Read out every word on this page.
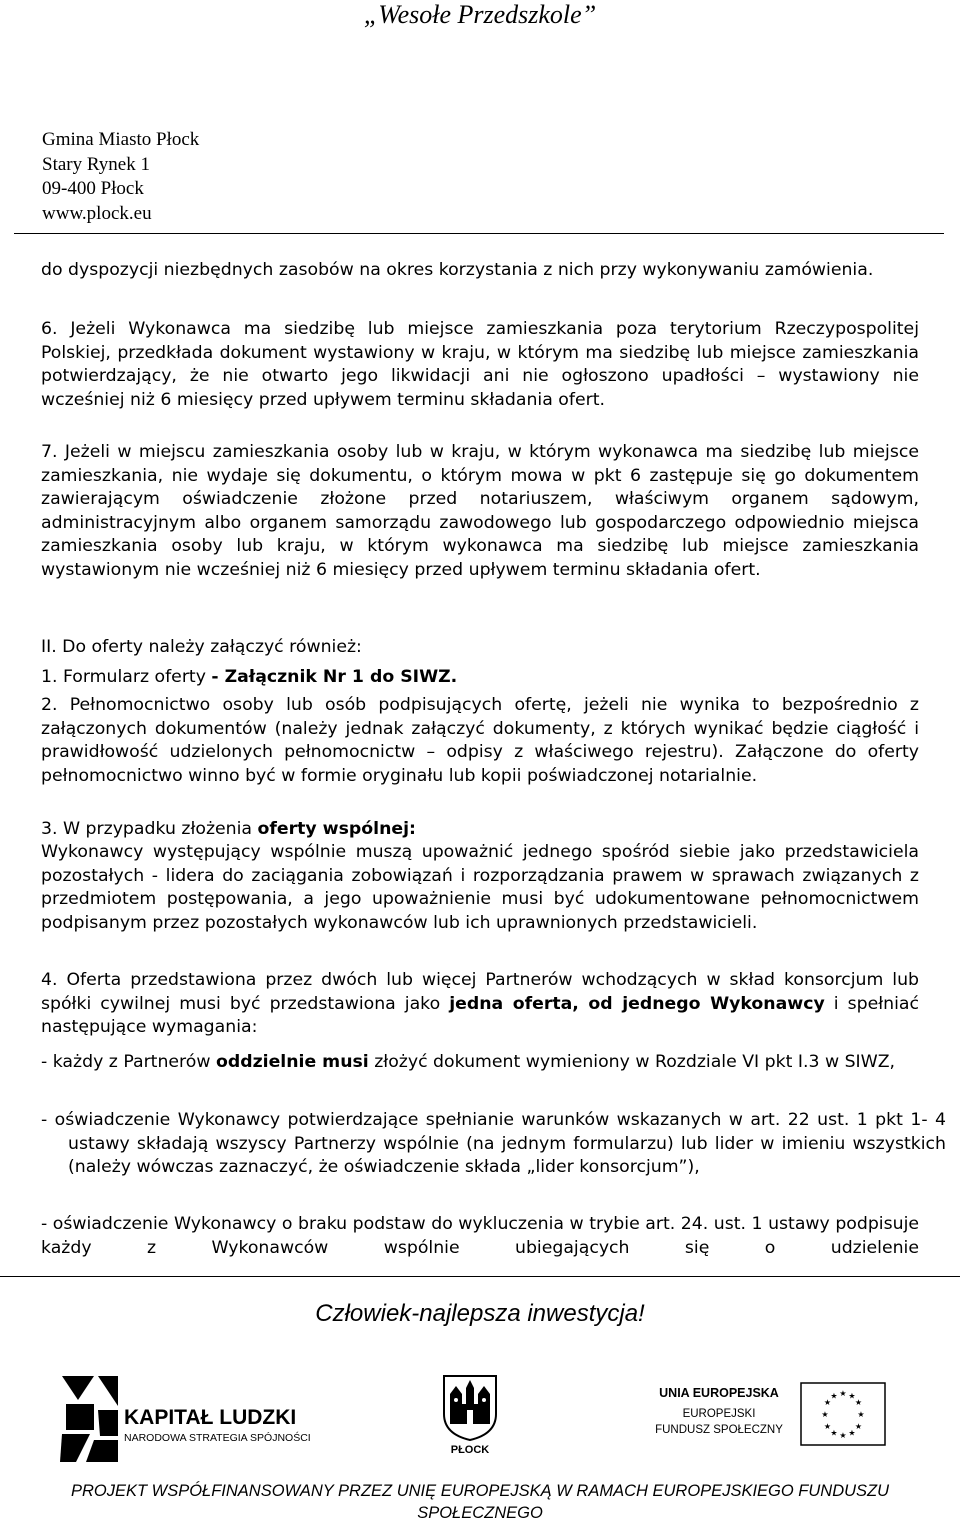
„Wesołe Przedszkole”
Gmina Miasto Płock
Stary Rynek 1
09-400 Płock
www.plock.eu
do dyspozycji niezbędnych zasobów na okres korzystania z nich przy wykonywaniu zamówienia.
6. Jeżeli Wykonawca ma siedzibę lub miejsce zamieszkania poza terytorium Rzeczypospolitej Polskiej, przedkłada dokument wystawiony w kraju, w którym ma siedzibę lub miejsce zamieszkania potwierdzający, że nie otwarto jego likwidacji ani nie ogłoszono upadłości – wystawiony nie wcześniej niż 6 miesięcy przed upływem terminu składania ofert.
7. Jeżeli w miejscu zamieszkania osoby lub w kraju, w którym wykonawca ma siedzibę lub miejsce zamieszkania, nie wydaje się dokumentu, o którym mowa w pkt 6 zastępuje się go dokumentem zawierającym oświadczenie złożone przed notariuszem, właściwym organem sądowym, administracyjnym albo organem samorządu zawodowego lub gospodarczego odpowiednio miejsca zamieszkania osoby lub kraju, w którym wykonawca ma siedzibę lub miejsce zamieszkania wystawionym nie wcześniej niż 6 miesięcy przed upływem terminu składania ofert.
II. Do oferty należy załączyć również:
1. Formularz oferty - Załącznik Nr 1 do SIWZ.
2. Pełnomocnictwo osoby lub osób podpisujących ofertę, jeżeli nie wynika to bezpośrednio z załączonych dokumentów (należy jednak załączyć dokumenty, z których wynikać będzie ciągłość i prawidłowość udzielonych pełnomocnictw – odpisy z właściwego rejestru). Załączone do oferty pełnomocnictwo winno być w formie oryginału lub kopii poświadczonej notarialnie.
3. W przypadku złożenia oferty wspólnej:
Wykonawcy występujący wspólnie muszą upoważnić jednego spośród siebie jako przedstawiciela pozostałych - lidera do zaciągania zobowiązań i rozporządzania prawem w sprawach związanych z przedmiotem postępowania, a jego upoważnienie musi być udokumentowane pełnomocnictwem podpisanym przez pozostałych wykonawców lub ich uprawnionych przedstawicieli.
4. Oferta przedstawiona przez dwóch lub więcej Partnerów wchodzących w skład konsorcjum lub spółki cywilnej musi być przedstawiona jako jedna oferta, od jednego Wykonawcy i spełniać następujące wymagania:
- każdy z Partnerów oddzielnie musi złożyć dokument wymieniony w Rozdziale VI pkt I.3 w SIWZ,
- oświadczenie Wykonawcy potwierdzające spełnianie warunków wskazanych w art. 22 ust. 1 pkt 1- 4 ustawy składają wszyscy Partnerzy wspólnie (na jednym formularzu) lub lider w imieniu wszystkich (należy wówczas zaznaczyć, że oświadczenie składa „lider konsorcjum”),
- oświadczenie Wykonawcy o braku podstaw do wykluczenia w trybie art. 24. ust. 1 ustawy podpisuje każdy z Wykonawców wspólnie ubiegających się o udzielenie
Człowiek-najlepsza inwestycja!
KAPITAŁ LUDZKI
NARODOWA STRATEGIA SPÓJNOŚCI
PŁOCK
UNIA EUROPEJSKA
EUROPEJSKI
FUNDUSZ SPOŁECZNY
★ ★
★
★
★
★
★
★
★
★
★
★
PROJEKT WSPÓŁFINANSOWANY PRZEZ UNIĘ EUROPEJSKĄ W RAMACH EUROPEJSKIEGO FUNDUSZU SPOŁECZNEGO
